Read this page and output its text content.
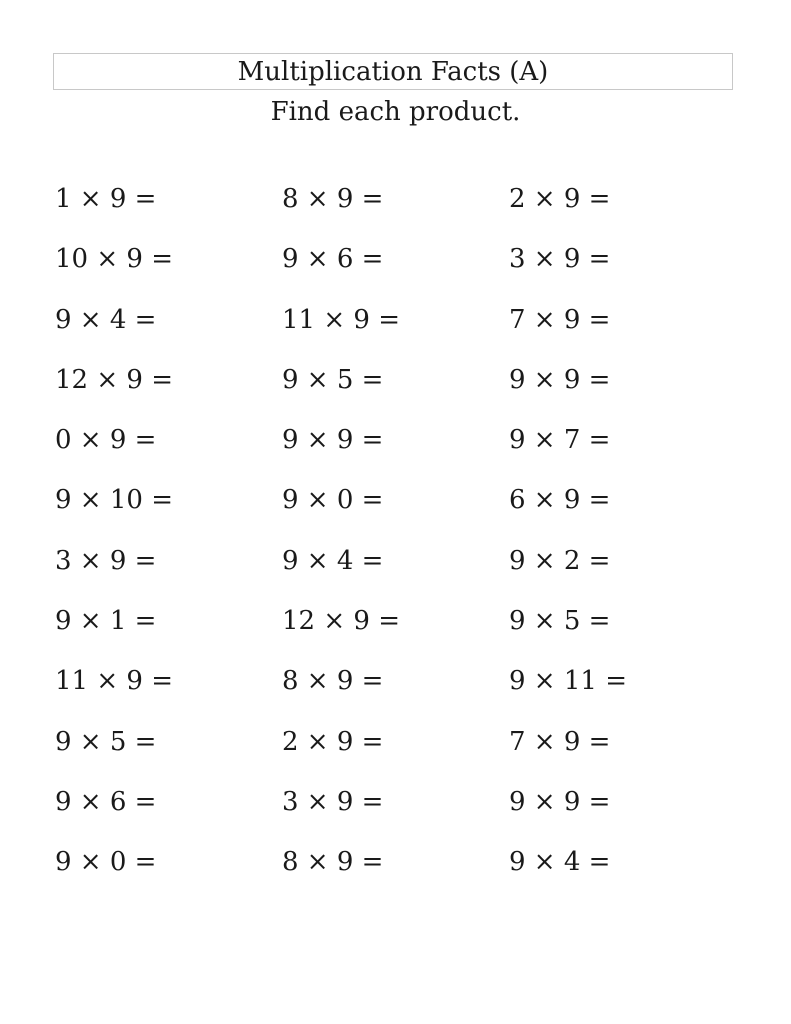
Multiplication Facts (A)
Find each product.
1 × 9 =	8 × 9 =	2 × 9 =
10 × 9 =	9 × 6 =	3 × 9 =
9 × 4 =	11 × 9 =	7 × 9 =
12 × 9 =	9 × 5 =	9 × 9 =
0 × 9 =	9 × 9 =	9 × 7 =
9 × 10 =	9 × 0 =	6 × 9 =
3 × 9 =	9 × 4 =	9 × 2 =
9 × 1 =	12 × 9 =	9 × 5 =
11 × 9 =	8 × 9 =	9 × 11 =
9 × 5 =	2 × 9 =	7 × 9 =
9 × 6 =	3 × 9 =	9 × 9 =
9 × 0 =	8 × 9 =	9 × 4 =
